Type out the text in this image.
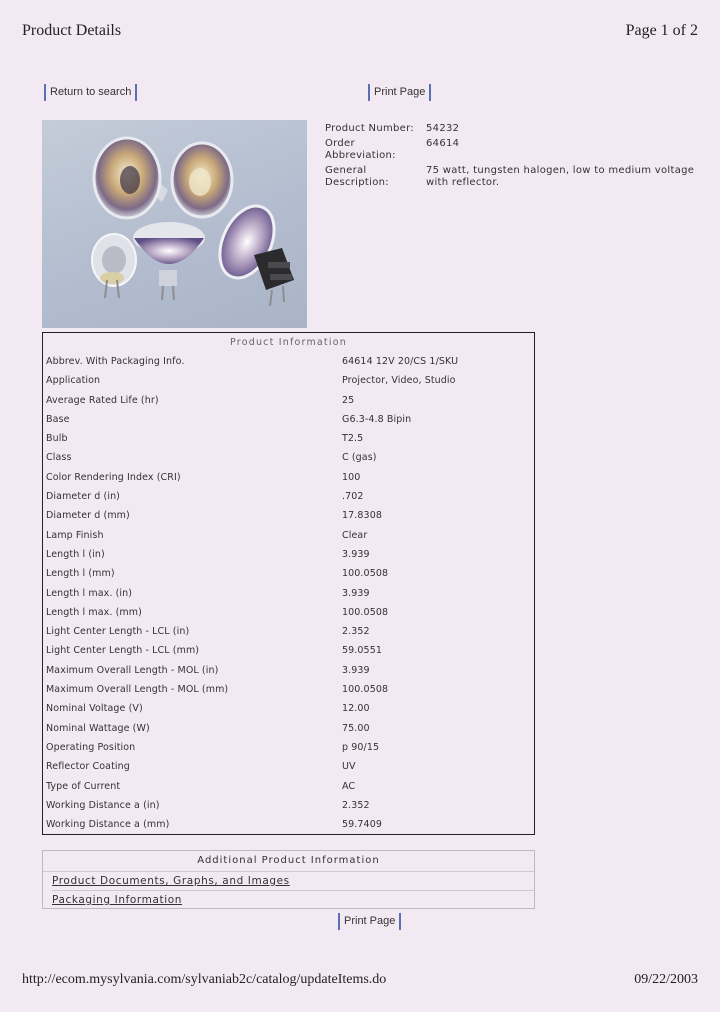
Product Details	Page 1 of 2
Return to search	Print Page
Product Number:	54232
Order Abbreviation:
64614
General Description:
75 watt, tungsten halogen, low to medium voltage with reflector.
Product Information
Abbrev. With Packaging Info.	64614 12V 20/CS 1/SKU
Application	Projector, Video, Studio
Average Rated Life (hr)	25
Base	G6.3-4.8 Bipin
Bulb	T2.5
Class	C (gas)
Color Rendering Index (CRI)	100
Diameter d (in)	.702
Diameter d (mm)	17.8308
Lamp Finish	Clear
Length l (in)	3.939
Length l (mm)	100.0508
Length l max. (in)	3.939
Length l max. (mm)	100.0508
Light Center Length - LCL (in)	2.352
Light Center Length - LCL (mm)	59.0551
Maximum Overall Length - MOL (in)	3.939
Maximum Overall Length - MOL (mm)	100.0508
Nominal Voltage (V)	12.00
Nominal Wattage (W)	75.00
Operating Position	p 90/15
Reflector Coating	UV
Type of Current	AC
Working Distance a (in)	2.352
Working Distance a (mm)	59.7409
Additional Product Information
Product Documents, Graphs, and Images
Packaging Information
Print Page
http://ecom.mysylvania.com/sylvaniab2c/catalog/updateItems.do	09/22/2003
